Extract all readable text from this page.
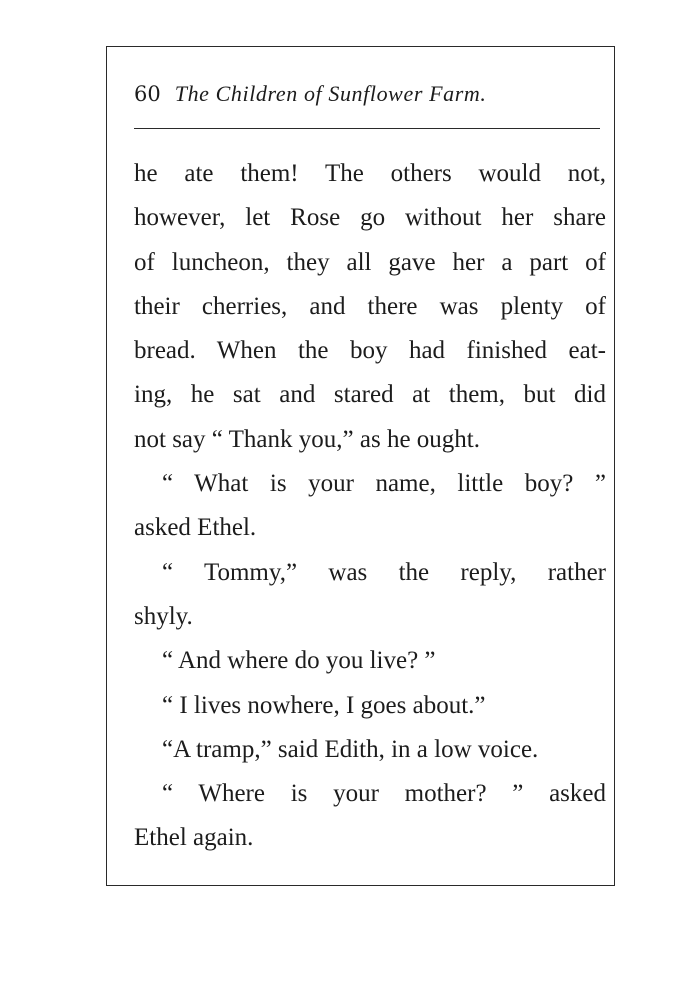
60 The Children of Sunflower Farm.
he ate them! The others would not,
however, let Rose go without her share
of luncheon, they all gave her a part of
their cherries, and there was plenty of
bread. When the boy had finished eat-
ing, he sat and stared at them, but did
not say “ Thank you,” as he ought.
“ What is your name, little boy? ”
asked Ethel.
“ Tommy,” was the reply, rather
shyly.
“ And where do you live? ”
“ I lives nowhere, I goes about.”
“A tramp,” said Edith, in a low voice.
“ Where is your mother? ” asked
Ethel again.
